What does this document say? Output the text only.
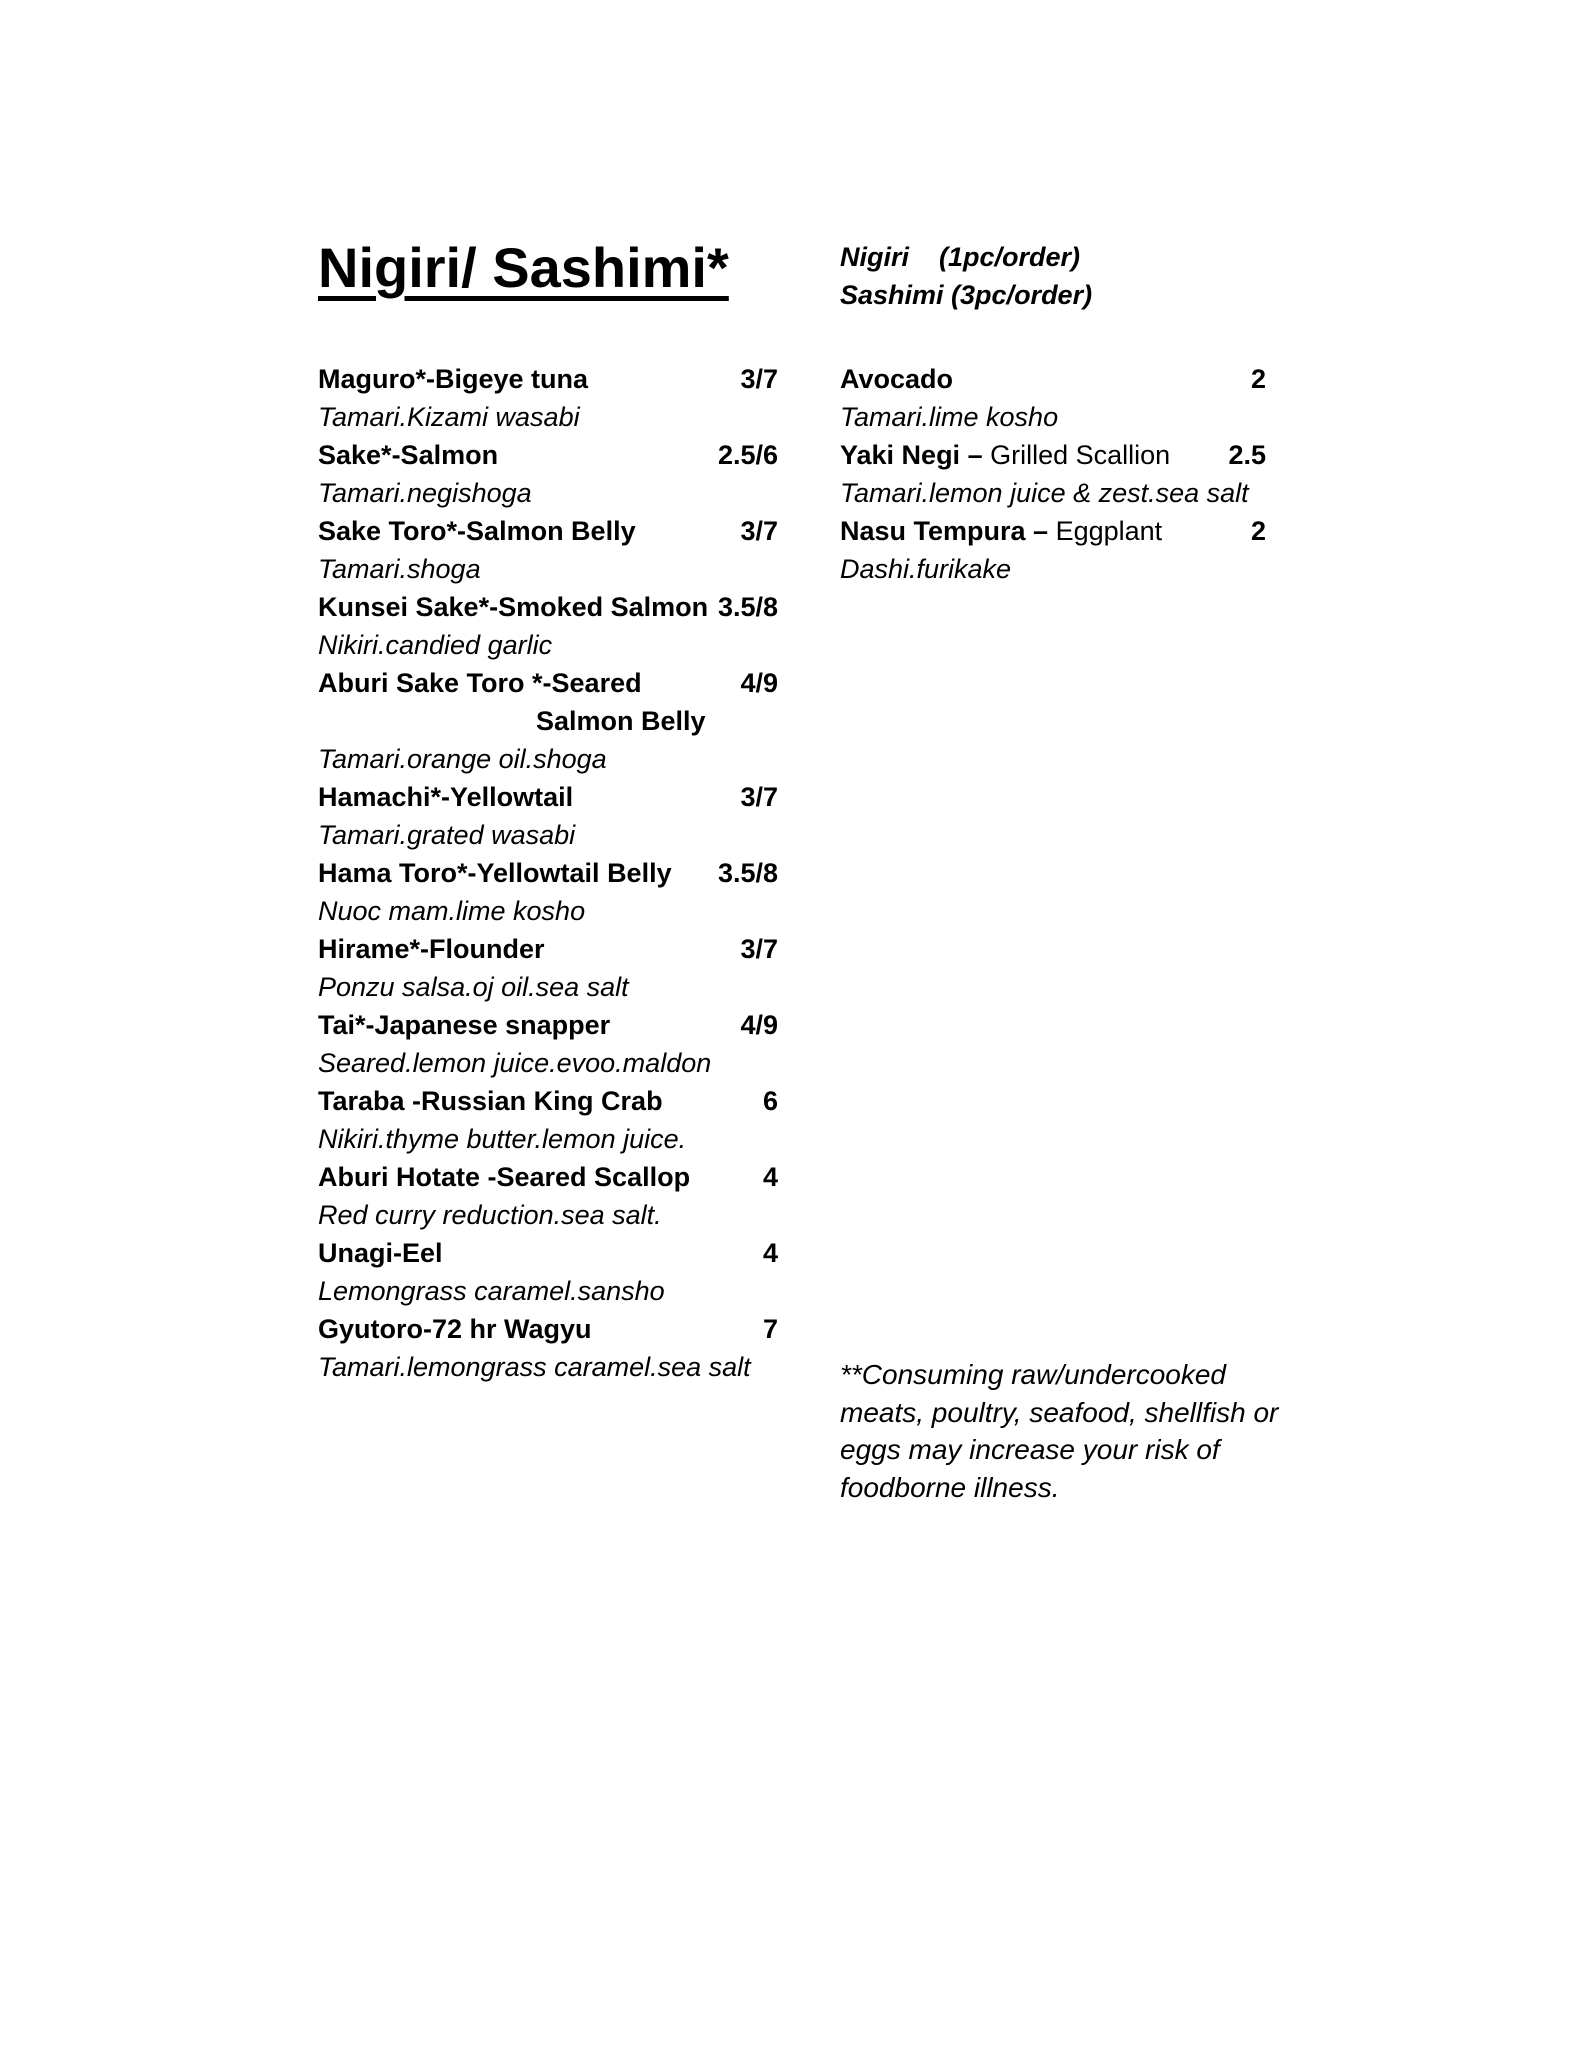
Nigiri/ Sashimi*
Maguro*-Bigeye tuna	3/7
Tamari.Kizami wasabi
Sake*-Salmon	2.5/6
Tamari.negishoga
Sake Toro*-Salmon Belly	3/7
Tamari.shoga
Kunsei Sake*-Smoked Salmon 3.5/8
Nikiri.candied garlic
Aburi Sake Toro *-Seared	4/9
Salmon Belly
Tamari.orange oil.shoga
Hamachi*-Yellowtail	3/7
Tamari.grated wasabi
Hama Toro*-Yellowtail Belly 3.5/8
Nuoc mam.lime kosho
Hirame*-Flounder	3/7
Ponzu salsa.oj oil.sea salt
Tai*-Japanese snapper	4/9
Seared.lemon juice.evoo.maldon
Taraba -Russian King Crab	6
Nikiri.thyme butter.lemon juice.
Aburi Hotate -Seared Scallop	4
Red curry reduction.sea salt.
Unagi-Eel	4
Lemongrass caramel.sansho
Gyutoro-72 hr Wagyu	7
Tamari.lemongrass caramel.sea salt
Nigiri    (1pc/order)
Sashimi (3pc/order)
Avocado	2
Tamari.lime kosho
Yaki Negi – Grilled Scallion 2.5
Tamari.lemon juice & zest.sea salt
Nasu Tempura – Eggplant	2
Dashi.furikake
**Consuming raw/undercooked
meats, poultry, seafood, shellfish or
eggs may increase your risk of
foodborne illness.
